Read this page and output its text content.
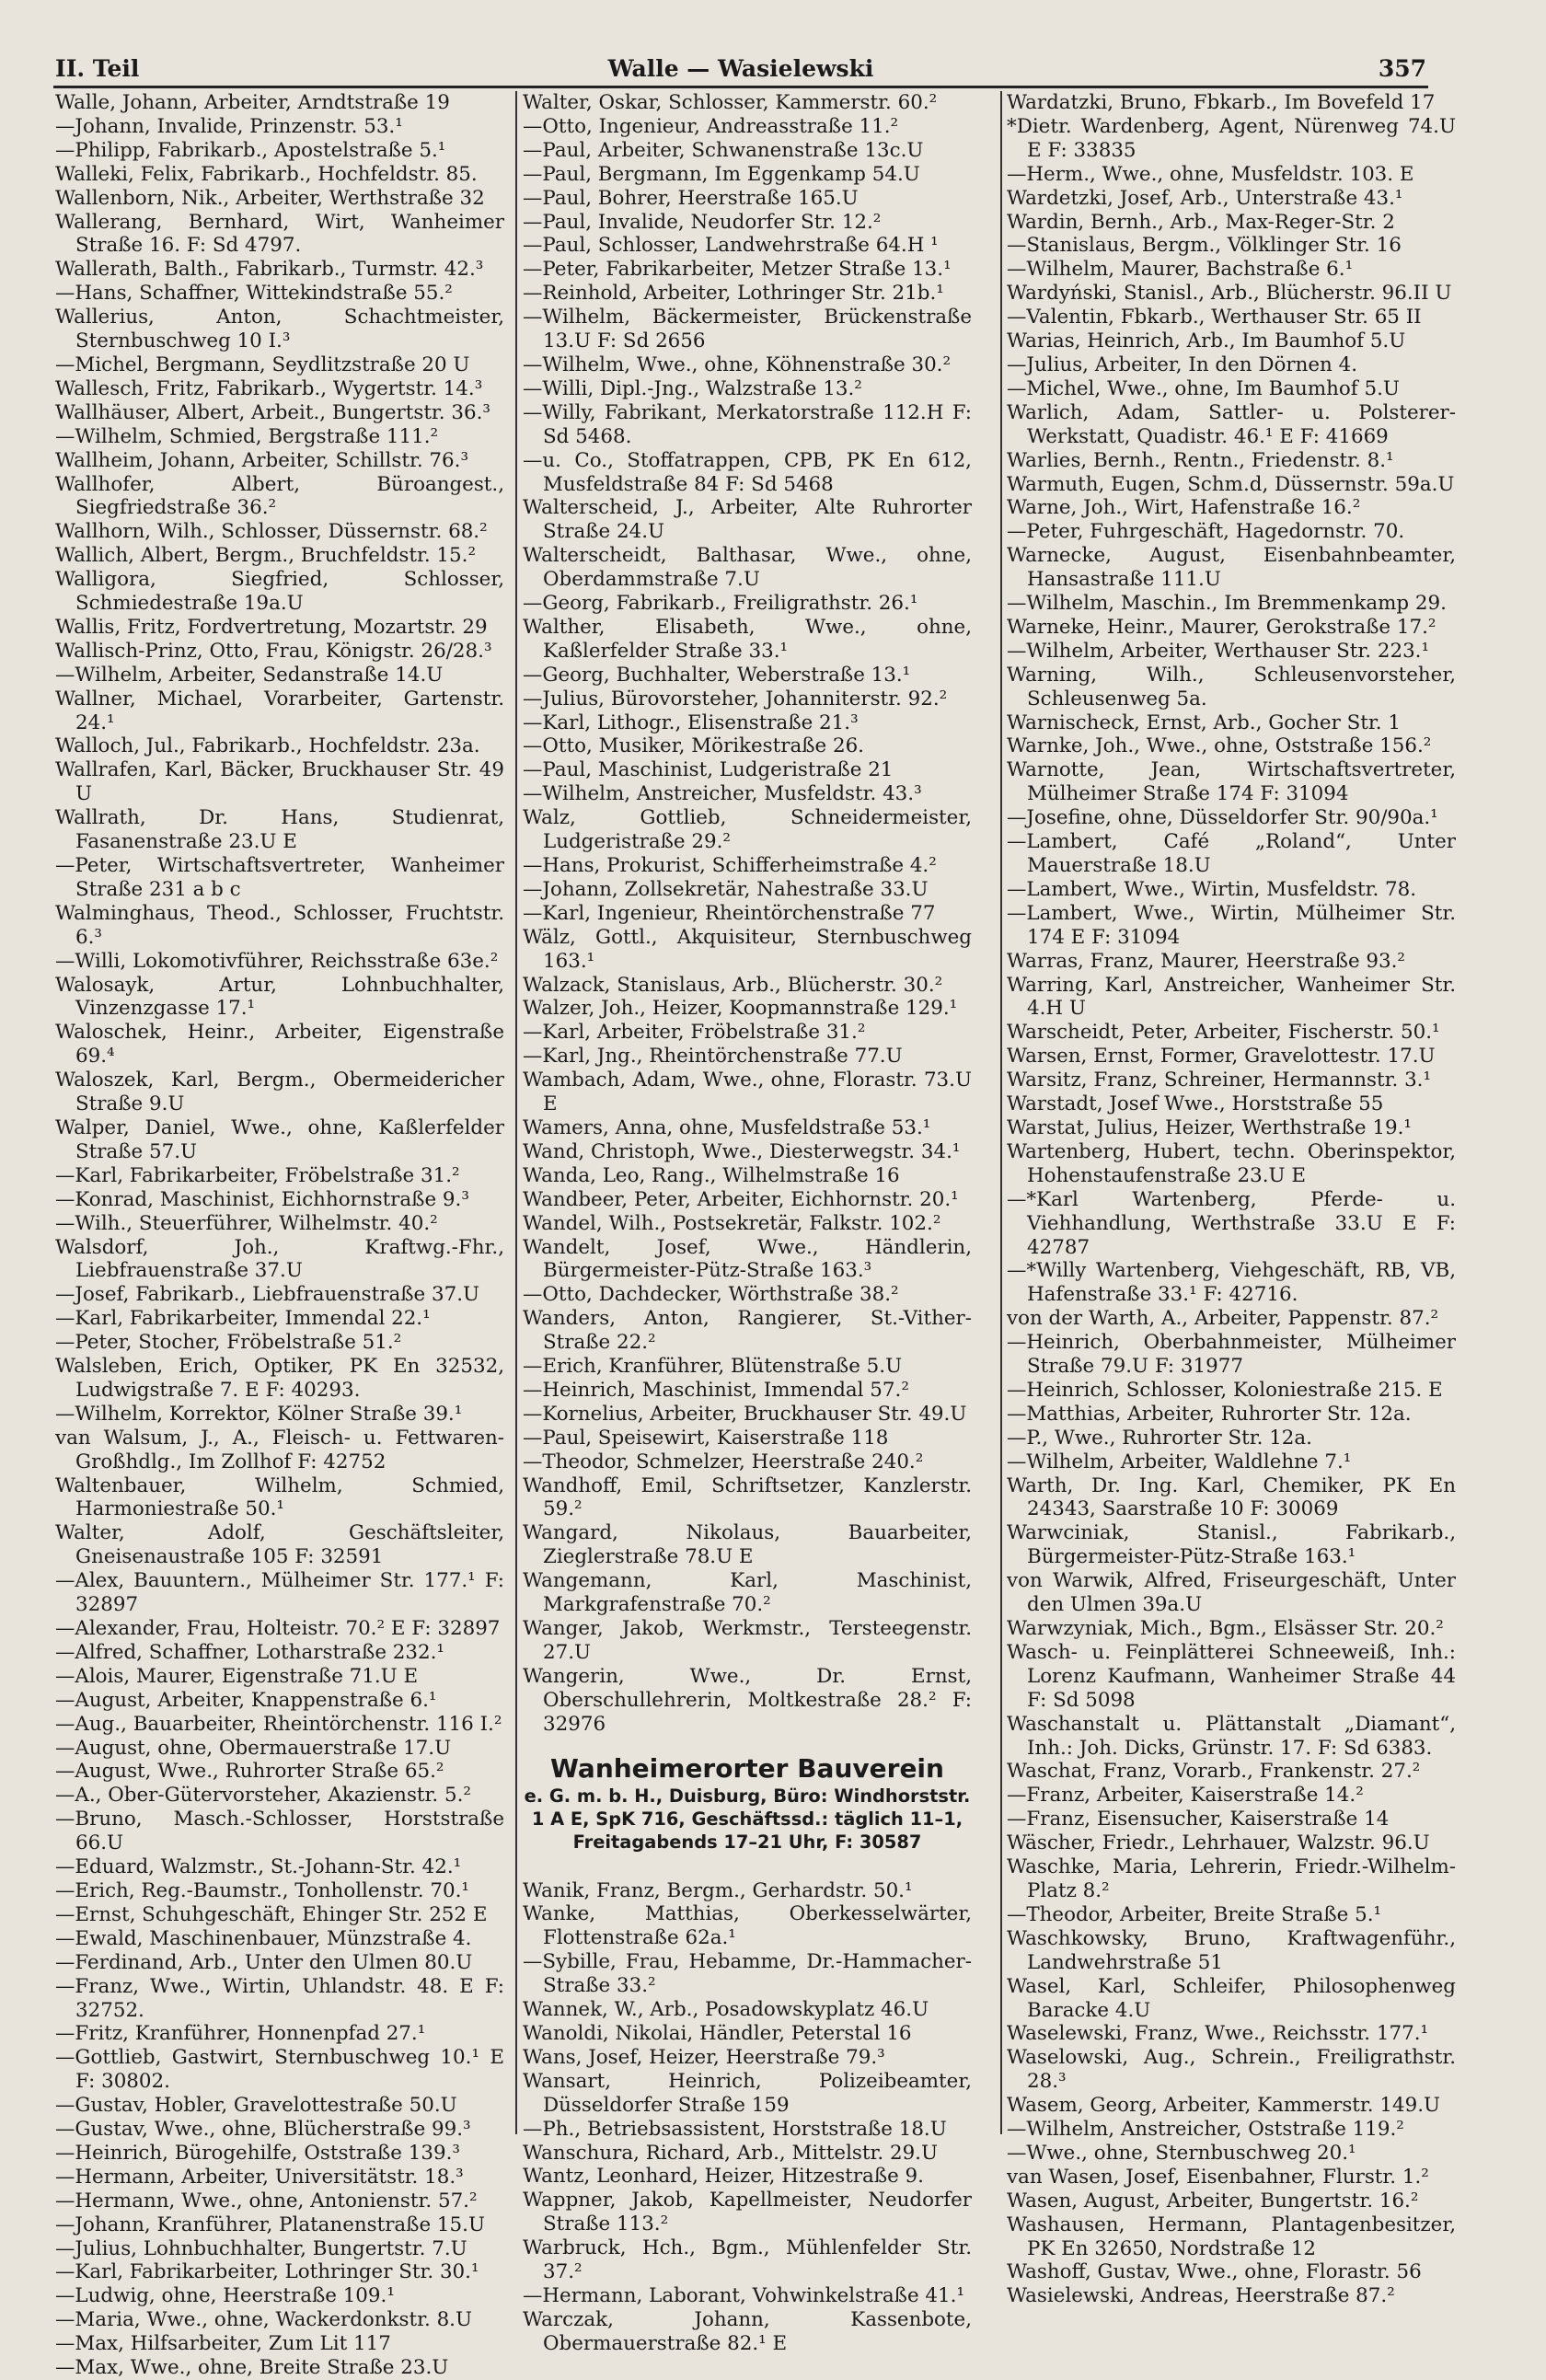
II. Teil	Walle — Wasielewski	357
Walle, Johann, Arbeiter, Arndtstraße 19
—Johann, Invalide, Prinzenstr. 53.¹
—Philipp, Fabrikarb., Apostelstraße 5.¹
Walleki, Felix, Fabrikarb., Hochfeldstr. 85.
Wallenborn, Nik., Arbeiter, Werthstraße 32
Wallerang, Bernhard, Wirt, Wanheimer Straße 16. F: Sd 4797.
Wallerath, Balth., Fabrikarb., Turmstr. 42.³
—Hans, Schaffner, Wittekindstraße 55.²
Wallerius, Anton, Schachtmeister, Sternbuschweg 10 I.³
—Michel, Bergmann, Seydlitzstraße 20 U
Wallesch, Fritz, Fabrikarb., Wygertstr. 14.³
Wallhäuser, Albert, Arbeit., Bungertstr. 36.³
—Wilhelm, Schmied, Bergstraße 111.²
Wallheim, Johann, Arbeiter, Schillstr. 76.³
Wallhofer, Albert, Büroangest., Siegfriedstraße 36.²
Wallhorn, Wilh., Schlosser, Düssernstr. 68.²
Wallich, Albert, Bergm., Bruchfeldstr. 15.²
Walligora, Siegfried, Schlosser, Schmiedestraße 19a.U
Wallis, Fritz, Fordvertretung, Mozartstr. 29
Wallisch-Prinz, Otto, Frau, Königstr. 26/28.³
—Wilhelm, Arbeiter, Sedanstraße 14.U
Wallner, Michael, Vorarbeiter, Gartenstr. 24.¹
Walloch, Jul., Fabrikarb., Hochfeldstr. 23a.
Wallrafen, Karl, Bäcker, Bruckhauser Str. 49 U
Wallrath, Dr. Hans, Studienrat, Fasanenstraße 23.U E
—Peter, Wirtschaftsvertreter, Wanheimer Straße 231 a b c
Walminghaus, Theod., Schlosser, Fruchtstr. 6.³
—Willi, Lokomotivführer, Reichsstraße 63e.²
Walosayk, Artur, Lohnbuchhalter, Vinzenzgasse 17.¹
Waloschek, Heinr., Arbeiter, Eigenstraße 69.⁴
Waloszek, Karl, Bergm., Obermeidericher Straße 9.U
Walper, Daniel, Wwe., ohne, Kaßlerfelder Straße 57.U
—Karl, Fabrikarbeiter, Fröbelstraße 31.²
—Konrad, Maschinist, Eichhornstraße 9.³
—Wilh., Steuerführer, Wilhelmstr. 40.²
Walsdorf, Joh., Kraftwg.-Fhr., Liebfrauenstraße 37.U
—Josef, Fabrikarb., Liebfrauenstraße 37.U
—Karl, Fabrikarbeiter, Immendal 22.¹
—Peter, Stocher, Fröbelstraße 51.²
Walsleben, Erich, Optiker, PK En 32532, Ludwigstraße 7. E F: 40293.
—Wilhelm, Korrektor, Kölner Straße 39.¹
van Walsum, J., A., Fleisch- u. Fettwaren-Großhdlg., Im Zollhof F: 42752
Waltenbauer, Wilhelm, Schmied, Harmoniestraße 50.¹
Walter, Adolf, Geschäftsleiter, Gneisenaustraße 105 F: 32591
—Alex, Bauuntern., Mülheimer Str. 177.¹ F: 32897
—Alexander, Frau, Holteistr. 70.² E F: 32897
—Alfred, Schaffner, Lotharstraße 232.¹
—Alois, Maurer, Eigenstraße 71.U E
—August, Arbeiter, Knappenstraße 6.¹
—Aug., Bauarbeiter, Rheintörchenstr. 116 I.²
—August, ohne, Obermauerstraße 17.U
—August, Wwe., Ruhrorter Straße 65.²
—A., Ober-Gütervorsteher, Akazienstr. 5.²
—Bruno, Masch.-Schlosser, Horststraße 66.U
—Eduard, Walzmstr., St.-Johann-Str. 42.¹
—Erich, Reg.-Baumstr., Tonhollenstr. 70.¹
—Ernst, Schuhgeschäft, Ehinger Str. 252 E
—Ewald, Maschinenbauer, Münzstraße 4.
—Ferdinand, Arb., Unter den Ulmen 80.U
—Franz, Wwe., Wirtin, Uhlandstr. 48. E F: 32752.
—Fritz, Kranführer, Honnenpfad 27.¹
—Gottlieb, Gastwirt, Sternbuschweg 10.¹ E F: 30802.
—Gustav, Hobler, Gravelottestraße 50.U
—Gustav, Wwe., ohne, Blücherstraße 99.³
—Heinrich, Bürogehilfe, Oststraße 139.³
—Hermann, Arbeiter, Universitätstr. 18.³
—Hermann, Wwe., ohne, Antonienstr. 57.²
—Johann, Kranführer, Platanenstraße 15.U
—Julius, Lohnbuchhalter, Bungertstr. 7.U
—Karl, Fabrikarbeiter, Lothringer Str. 30.¹
—Ludwig, ohne, Heerstraße 109.¹
—Maria, Wwe., ohne, Wackerdonkstr. 8.U
—Max, Hilfsarbeiter, Zum Lit 117
—Max, Wwe., ohne, Breite Straße 23.U
Walter, Oskar, Schlosser, Kammerstr. 60.²
—Otto, Ingenieur, Andreasstraße 11.²
—Paul, Arbeiter, Schwanenstraße 13c.U
—Paul, Bergmann, Im Eggenkamp 54.U
—Paul, Bohrer, Heerstraße 165.U
—Paul, Invalide, Neudorfer Str. 12.²
—Paul, Schlosser, Landwehrstraße 64.H ¹
—Peter, Fabrikarbeiter, Metzer Straße 13.¹
—Reinhold, Arbeiter, Lothringer Str. 21b.¹
—Wilhelm, Bäckermeister, Brückenstraße 13.U F: Sd 2656
—Wilhelm, Wwe., ohne, Köhnenstraße 30.²
—Willi, Dipl.-Jng., Walzstraße 13.²
—Willy, Fabrikant, Merkatorstraße 112.H F: Sd 5468.
—u. Co., Stoffatrappen, CPB, PK En 612, Musfeldstraße 84 F: Sd 5468
Walterscheid, J., Arbeiter, Alte Ruhrorter Straße 24.U
Walterscheidt, Balthasar, Wwe., ohne, Oberdammstraße 7.U
—Georg, Fabrikarb., Freiligrathstr. 26.¹
Walther, Elisabeth, Wwe., ohne, Kaßlerfelder Straße 33.¹
—Georg, Buchhalter, Weberstraße 13.¹
—Julius, Bürovorsteher, Johanniterstr. 92.²
—Karl, Lithogr., Elisenstraße 21.³
—Otto, Musiker, Mörikestraße 26.
—Paul, Maschinist, Ludgeristraße 21
—Wilhelm, Anstreicher, Musfeldstr. 43.³
Walz, Gottlieb, Schneidermeister, Ludgeristraße 29.²
—Hans, Prokurist, Schifferheimstraße 4.²
—Johann, Zollsekretär, Nahestraße 33.U
—Karl, Ingenieur, Rheintörchenstraße 77
Wälz, Gottl., Akquisiteur, Sternbuschweg 163.¹
Walzack, Stanislaus, Arb., Blücherstr. 30.²
Walzer, Joh., Heizer, Koopmannstraße 129.¹
—Karl, Arbeiter, Fröbelstraße 31.²
—Karl, Jng., Rheintörchenstraße 77.U
Wambach, Adam, Wwe., ohne, Florastr. 73.U E
Wamers, Anna, ohne, Musfeldstraße 53.¹
Wand, Christoph, Wwe., Diesterwegstr. 34.¹
Wanda, Leo, Rang., Wilhelmstraße 16
Wandbeer, Peter, Arbeiter, Eichhornstr. 20.¹
Wandel, Wilh., Postsekretär, Falkstr. 102.²
Wandelt, Josef, Wwe., Händlerin, Bürgermeister-Pütz-Straße 163.³
—Otto, Dachdecker, Wörthstraße 38.²
Wanders, Anton, Rangierer, St.-Vither-Straße 22.²
—Erich, Kranführer, Blütenstraße 5.U
—Heinrich, Maschinist, Immendal 57.²
—Kornelius, Arbeiter, Bruckhauser Str. 49.U
—Paul, Speisewirt, Kaiserstraße 118
—Theodor, Schmelzer, Heerstraße 240.²
Wandhoff, Emil, Schriftsetzer, Kanzlerstr. 59.²
Wangard, Nikolaus, Bauarbeiter, Zieglerstraße 78.U E
Wangemann, Karl, Maschinist, Markgrafenstraße 70.²
Wanger, Jakob, Werkmstr., Tersteegenstr. 27.U
Wangerin, Wwe., Dr. Ernst, Oberschullehrerin, Moltkestraße 28.² F: 32976
Wanheimerorter Bauverein
e. G. m. b. H., Duisburg, Büro: Windhorststr. 1 A E, SpK 716, Geschäftssd.: täglich 11–1, Freitagabends 17–21 Uhr, F: 30587
Wanik, Franz, Bergm., Gerhardstr. 50.¹
Wanke, Matthias, Oberkesselwärter, Flottenstraße 62a.¹
—Sybille, Frau, Hebamme, Dr.-Hammacher-Straße 33.²
Wannek, W., Arb., Posadowskyplatz 46.U
Wanoldi, Nikolai, Händler, Peterstal 16
Wans, Josef, Heizer, Heerstraße 79.³
Wansart, Heinrich, Polizeibeamter, Düsseldorfer Straße 159
—Ph., Betriebsassistent, Horststraße 18.U
Wanschura, Richard, Arb., Mittelstr. 29.U
Wantz, Leonhard, Heizer, Hitzestraße 9.
Wappner, Jakob, Kapellmeister, Neudorfer Straße 113.²
Warbruck, Hch., Bgm., Mühlenfelder Str. 37.²
—Hermann, Laborant, Vohwinkelstraße 41.¹
Warczak, Johann, Kassenbote, Obermauerstraße 82.¹ E
Wardatzki, Bruno, Fbkarb., Im Bovefeld 17
*Dietr. Wardenberg, Agent, Nürenweg 74.U E F: 33835
—Herm., Wwe., ohne, Musfeldstr. 103. E
Wardetzki, Josef, Arb., Unterstraße 43.¹
Wardin, Bernh., Arb., Max-Reger-Str. 2
—Stanislaus, Bergm., Völklinger Str. 16
—Wilhelm, Maurer, Bachstraße 6.¹
Wardyński, Stanisl., Arb., Blücherstr. 96.II U
—Valentin, Fbkarb., Werthauser Str. 65 II
Warias, Heinrich, Arb., Im Baumhof 5.U
—Julius, Arbeiter, In den Dörnen 4.
—Michel, Wwe., ohne, Im Baumhof 5.U
Warlich, Adam, Sattler- u. Polsterer-Werkstatt, Quadistr. 46.¹ E F: 41669
Warlies, Bernh., Rentn., Friedenstr. 8.¹
Warmuth, Eugen, Schm.d, Düssernstr. 59a.U
Warne, Joh., Wirt, Hafenstraße 16.²
—Peter, Fuhrgeschäft, Hagedornstr. 70.
Warnecke, August, Eisenbahnbeamter, Hansastraße 111.U
—Wilhelm, Maschin., Im Bremmenkamp 29.
Warneke, Heinr., Maurer, Gerokstraße 17.²
—Wilhelm, Arbeiter, Werthauser Str. 223.¹
Warning, Wilh., Schleusenvorsteher, Schleusenweg 5a.
Warnischeck, Ernst, Arb., Gocher Str. 1
Warnke, Joh., Wwe., ohne, Oststraße 156.²
Warnotte, Jean, Wirtschaftsvertreter, Mülheimer Straße 174 F: 31094
—Josefine, ohne, Düsseldorfer Str. 90/90a.¹
—Lambert, Café „Roland“, Unter Mauerstraße 18.U
—Lambert, Wwe., Wirtin, Musfeldstr. 78.
—Lambert, Wwe., Wirtin, Mülheimer Str. 174 E F: 31094
Warras, Franz, Maurer, Heerstraße 93.²
Warring, Karl, Anstreicher, Wanheimer Str. 4.H U
Warscheidt, Peter, Arbeiter, Fischerstr. 50.¹
Warsen, Ernst, Former, Gravelottestr. 17.U
Warsitz, Franz, Schreiner, Hermannstr. 3.¹
Warstadt, Josef Wwe., Horststraße 55
Warstat, Julius, Heizer, Werthstraße 19.¹
Wartenberg, Hubert, techn. Oberinspektor, Hohenstaufenstraße 23.U E
—*Karl Wartenberg, Pferde- u. Viehhandlung, Werthstraße 33.U E F: 42787
—*Willy Wartenberg, Viehgeschäft, RB, VB, Hafenstraße 33.¹ F: 42716.
von der Warth, A., Arbeiter, Pappenstr. 87.²
—Heinrich, Oberbahnmeister, Mülheimer Straße 79.U F: 31977
—Heinrich, Schlosser, Koloniestraße 215. E
—Matthias, Arbeiter, Ruhrorter Str. 12a.
—P., Wwe., Ruhrorter Str. 12a.
—Wilhelm, Arbeiter, Waldlehne 7.¹
Warth, Dr. Ing. Karl, Chemiker, PK En 24343, Saarstraße 10 F: 30069
Warwciniak, Stanisl., Fabrikarb., Bürgermeister-Pütz-Straße 163.¹
von Warwik, Alfred, Friseurgeschäft, Unter den Ulmen 39a.U
Warwzyniak, Mich., Bgm., Elsässer Str. 20.²
Wasch- u. Feinplätterei Schneeweiß, Inh.: Lorenz Kaufmann, Wanheimer Straße 44 F: Sd 5098
Waschanstalt u. Plättanstalt „Diamant“, Inh.: Joh. Dicks, Grünstr. 17. F: Sd 6383.
Waschat, Franz, Vorarb., Frankenstr. 27.²
—Franz, Arbeiter, Kaiserstraße 14.²
—Franz, Eisensucher, Kaiserstraße 14
Wäscher, Friedr., Lehrhauer, Walzstr. 96.U
Waschke, Maria, Lehrerin, Friedr.-Wilhelm-Platz 8.²
—Theodor, Arbeiter, Breite Straße 5.¹
Waschkowsky, Bruno, Kraftwagenführ., Landwehrstraße 51
Wasel, Karl, Schleifer, Philosophenweg Baracke 4.U
Waselewski, Franz, Wwe., Reichsstr. 177.¹
Waselowski, Aug., Schrein., Freiligrathstr. 28.³
Wasem, Georg, Arbeiter, Kammerstr. 149.U
—Wilhelm, Anstreicher, Oststraße 119.²
—Wwe., ohne, Sternbuschweg 20.¹
van Wasen, Josef, Eisenbahner, Flurstr. 1.²
Wasen, August, Arbeiter, Bungertstr. 16.²
Washausen, Hermann, Plantagenbesitzer, PK En 32650, Nordstraße 12
Washoff, Gustav, Wwe., ohne, Florastr. 56
Wasielewski, Andreas, Heerstraße 87.²
